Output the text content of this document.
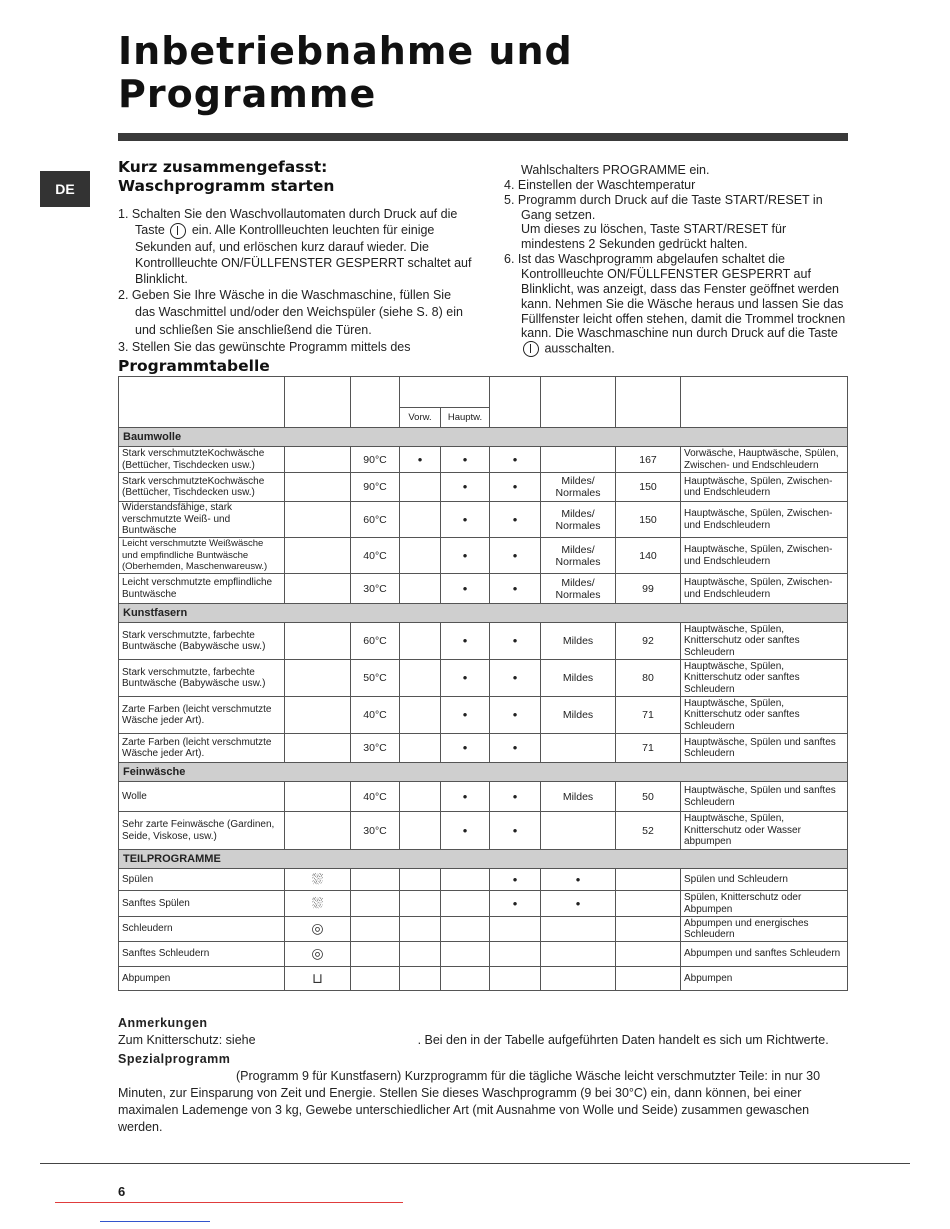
Inbetriebnahme und
Programme
DE
Kurz zusammengefasst:
Waschprogramm starten
1. Schalten Sie den Waschvollautomaten durch Druck auf die Taste ein. Alle Kontrollleuchten leuchten für einige Sekunden auf, und erlöschen kurz darauf wieder. Die Kontrollleuchte ON/FÜLLFENSTER GESPERRT schaltet auf Blinklicht.
2. Geben Sie Ihre Wäsche in die Waschmaschine, füllen Sie das Waschmittel und/oder den Weichspüler (siehe S. 8) ein und schließen Sie anschließend die Türen.
3. Stellen Sie das gewünschte Programm mittels des
Wahlschalters PROGRAMME ein.
4. Einstellen der Waschtemperatur
5. Programm durch Druck auf die Taste START/RESET in Gang setzen.
Um dieses zu löschen, Taste START/RESET für mindestens 2 Sekunden gedrückt halten.
6. Ist das Waschprogramm abgelaufen schaltet die Kontrollleuchte ON/FÜLLFENSTER GESPERRT auf Blinklicht, was anzeigt, dass das Fenster geöffnet werden kann. Nehmen Sie die Wäsche heraus und lassen Sie das Füllfenster leicht offen stehen, damit die Trommel trocknen kann. Die Waschmaschine nun durch Druck auf die Taste  ausschalten.
Programmtabelle

			Vorw.	Hauptw.				
Baumwolle								
Stark verschmutzteKochwäsche (Bettücher, Tischdecken usw.)		90°C	•	•	•		167	Vorwäsche, Hauptwäsche, Spülen, Zwischen- und Endschleudern
Stark verschmutzteKochwäsche (Bettücher, Tischdecken usw.)		90°C		•	•	Mildes/ Normales	150	Hauptwäsche, Spülen, Zwischen- und Endschleudern
Widerstandsfähige, stark verschmutzte Weiß- und Buntwäsche		60°C		•	•	Mildes/ Normales	150	Hauptwäsche, Spülen, Zwischen- und Endschleudern
Leicht verschmutzte Weißwäsche und empfindliche Buntwäsche (Oberhemden, Maschenwareusw.)		40°C		•	•	Mildes/ Normales	140	Hauptwäsche, Spülen, Zwischen- und Endschleudern
Leicht verschmutzte empflindliche Buntwäsche		30°C		•	•	Mildes/ Normales	99	Hauptwäsche, Spülen, Zwischen- und Endschleudern
Kunstfasern								
Stark verschmutzte, farbechte Buntwäsche (Babywäsche usw.)		60°C		•	•	Mildes	92	Hauptwäsche, Spülen, Knitterschutz oder sanftes Schleudern
Stark verschmutzte, farbechte Buntwäsche (Babywäsche usw.)		50°C		•	•	Mildes	80	Hauptwäsche, Spülen, Knitterschutz oder sanftes Schleudern
Zarte Farben (leicht verschmutzte Wäsche jeder Art).		40°C		•	•	Mildes	71	Hauptwäsche, Spülen, Knitterschutz oder sanftes Schleudern
Zarte Farben (leicht verschmutzte Wäsche jeder Art).		30°C		•	•		71	Hauptwäsche, Spülen und sanftes Schleudern
Feinwäsche								
Wolle		40°C		•	•	Mildes	50	Hauptwäsche, Spülen und sanftes Schleudern
Sehr zarte Feinwäsche (Gardinen, Seide, Viskose, usw.)		30°C		•	•		52	Hauptwäsche, Spülen, Knitterschutz oder Wasser abpumpen
TEILPROGRAMME								
Spülen	⛆				•	•		Spülen und Schleudern
Sanftes Spülen	⛆				•	•		Spülen, Knitterschutz oder Abpumpen
Schleudern	◎							Abpumpen und energisches Schleudern
Sanftes Schleudern	◎							Abpumpen und sanftes Schleudern
Abpumpen	⊔							Abpumpen
Anmerkungen
Zum Knitterschutz: siehe	. Bei den in der Tabelle aufgeführten Daten handelt es sich um Richtwerte.
Spezialprogramm
(Programm 9 für Kunstfasern) Kurzprogramm für die tägliche Wäsche leicht verschmutzter Teile: in nur 30 Minuten, zur Einsparung von Zeit und Energie. Stellen Sie dieses Waschprogramm (9 bei 30°C) ein, dann können, bei einer maximalen Lademenge von 3 kg, Gewebe unterschiedlicher Art (mit Ausnahme von Wolle und Seide) zusammen gewaschen werden.
6
